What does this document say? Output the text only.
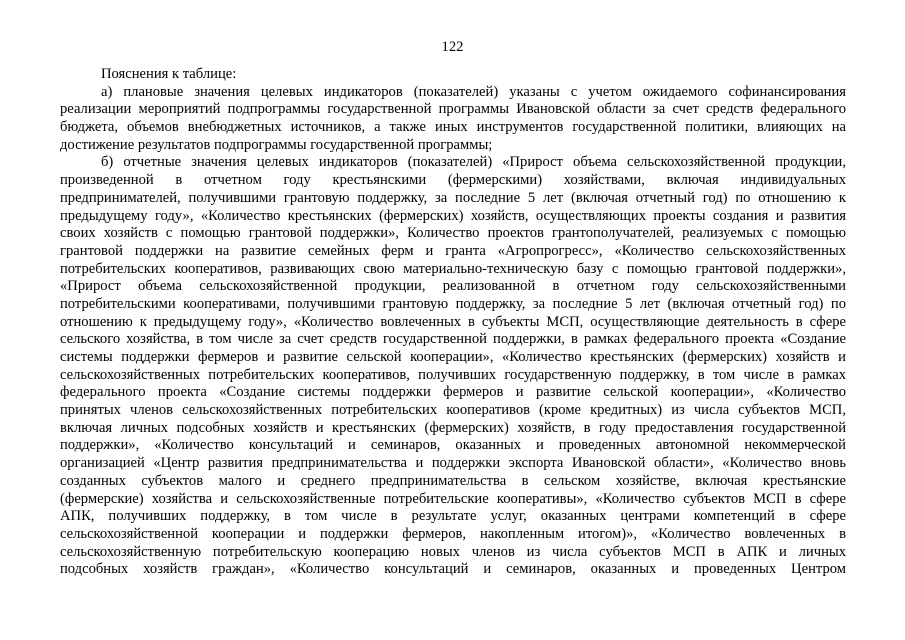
122
Пояснения к таблице:
а) плановые значения целевых индикаторов (показателей) указаны с учетом ожидаемого софинансирования
реализации мероприятий подпрограммы государственной программы Ивановской области за счет средств федерального
бюджета, объемов внебюджетных источников, а также иных инструментов государственной политики, влияющих на
достижение результатов подпрограммы государственной программы;
б) отчетные значения целевых индикаторов (показателей) «Прирост объема сельскохозяйственной продукции,
произведенной в отчетном году крестьянскими (фермерскими) хозяйствами, включая индивидуальных
предпринимателей, получившими грантовую поддержку, за последние 5 лет (включая отчетный год) по отношению к
предыдущему году», «Количество крестьянских (фермерских) хозяйств, осуществляющих проекты создания и развития
своих хозяйств с помощью грантовой поддержки», Количество проектов грантополучателей, реализуемых с помощью
грантовой поддержки на развитие семейных ферм и гранта «Агропрогресс», «Количество сельскохозяйственных
потребительских кооперативов, развивающих свою материально-техническую базу с помощью грантовой поддержки»,
«Прирост объема сельскохозяйственной продукции, реализованной в отчетном году сельскохозяйственными
потребительскими кооперативами, получившими грантовую поддержку, за последние 5 лет (включая отчетный год) по
отношению к предыдущему году», «Количество вовлеченных в субъекты МСП, осуществляющие деятельность в сфере
сельского хозяйства, в том числе за счет средств государственной поддержки, в рамках федерального проекта «Создание
системы поддержки фермеров и развитие сельской кооперации», «Количество крестьянских (фермерских) хозяйств и
сельскохозяйственных потребительских кооперативов, получивших государственную поддержку, в том числе в рамках
федерального проекта «Создание системы поддержки фермеров и развитие сельской кооперации», «Количество
принятых членов сельскохозяйственных потребительских кооперативов (кроме кредитных) из числа субъектов МСП,
включая личных подсобных хозяйств и крестьянских (фермерских) хозяйств, в году предоставления государственной
поддержки», «Количество консультаций и семинаров, оказанных и проведенных автономной некоммерческой
организацией «Центр развития предпринимательства и поддержки экспорта Ивановской области», «Количество вновь
созданных субъектов малого и среднего предпринимательства в сельском хозяйстве, включая крестьянские
(фермерские) хозяйства и сельскохозяйственные потребительские кооперативы», «Количество субъектов МСП в сфере
АПК, получивших поддержку, в том числе в результате услуг, оказанных центрами компетенций в сфере
сельскохозяйственной кооперации и поддержки фермеров, накопленным итогом)», «Количество вовлеченных в
сельскохозяйственную потребительскую кооперацию новых членов из числа субъектов МСП в АПК и личных
подсобных хозяйств граждан», «Количество консультаций и семинаров, оказанных и проведенных Центром
